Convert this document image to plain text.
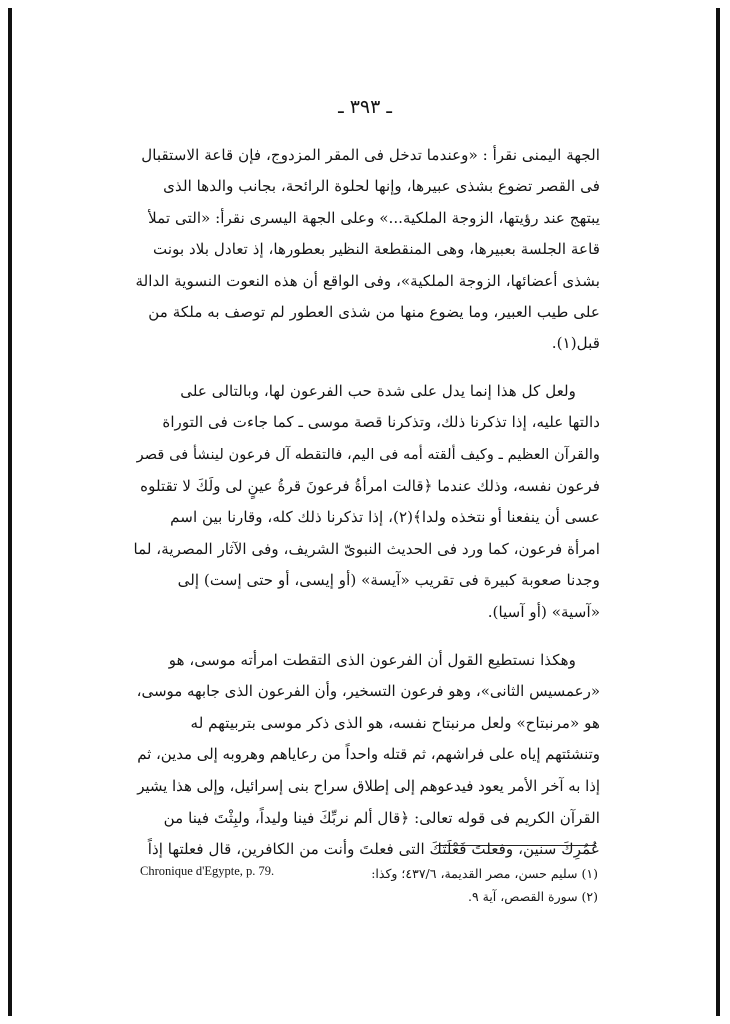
ـ ٣٩٣ ـ

الجهة اليمنى نقرأ : «وعندما تدخل فى المقر المزدوج، فإن قاعة الاستقبال

فى القصر تضوع بشذى عبيرها، وإنها لحلوة الرائحة، بجانب والدها الذى

يبتهج عند رؤيتها، الزوجة الملكية...» وعلى الجهة اليسرى نقرأ: «التى تملأ

قاعة الجلسة بعبيرها، وهى المنقطعة النظير بعطورها، إذ تعادل بلاد بونت

بشذى أعضائها، الزوجة الملكية»، وفى الواقع أن هذه النعوت النسوية الدالة

على طيب العبير، وما يضوع منها من شذى العطور لم توصف به ملكة من

قبل(١).

ولعل كل هذا إنما يدل على شدة حب الفرعون لها، وبالتالى على

دالتها عليه، إذا تذكرنا ذلك، وتذكرنا قصة موسى ـ كما جاءت فى التوراة

والقرآن العظيم ـ وكيف ألقته أمه فى اليم، فالتقطه آل فرعون لينشأ فى قصر

فرعون نفسه، وذلك عندما ﴿قالت امرأةُ فرعونَ قرةُ عينٍ لى ولَكَ لا تقتلوه

عسى أن ينفعنا أو نتخذه ولدا﴾(٢)، إذا تذكرنا ذلك كله، وقارنا بين اسم

امرأة فرعون، كما ورد فى الحديث النبوىّ الشريف، وفى الآثار المصرية، لما

وجدنا صعوبة كبيرة فى تقريب «آيسة» (أو إيسى، أو حتى إست) إلى

«آسية» (أو آسيا).

وهكذا نستطيع القول أن الفرعون الذى التقطت امرأته موسى، هو

«رعمسيس الثانى»، وهو فرعون التسخير، وأن الفرعون الذى جابهه موسى،

هو «مرنبتاح» ولعل مرنبتاح نفسه، هو الذى ذكر موسى بتربيتهم له

وتنشئتهم إياه على فراشهم، ثم قتله واحداً من رعاياهم وهروبه إلى مدين، ثم

إذا به آخر الأمر يعود فيدعوهم إلى إطلاق سراح بنى إسرائيل، وإلى هذا يشير

القرآن الكريم فى قوله تعالى: ﴿قال ألم نربِّكَ فينا وليداً، ولبِثْتَ فينا من

عُمُرِكَ سنين، وفعلتَ فَعْلَتَكَ التى فعلتَ وأنت من الكافرين، قال فعلتها إذاً

(١) سليم حسن، مصر القديمة، ٤٣٧/٦؛ وكذا:
(٢) سورة القصص، آية ٩.
Chronique d'Egypte, p. 79.
